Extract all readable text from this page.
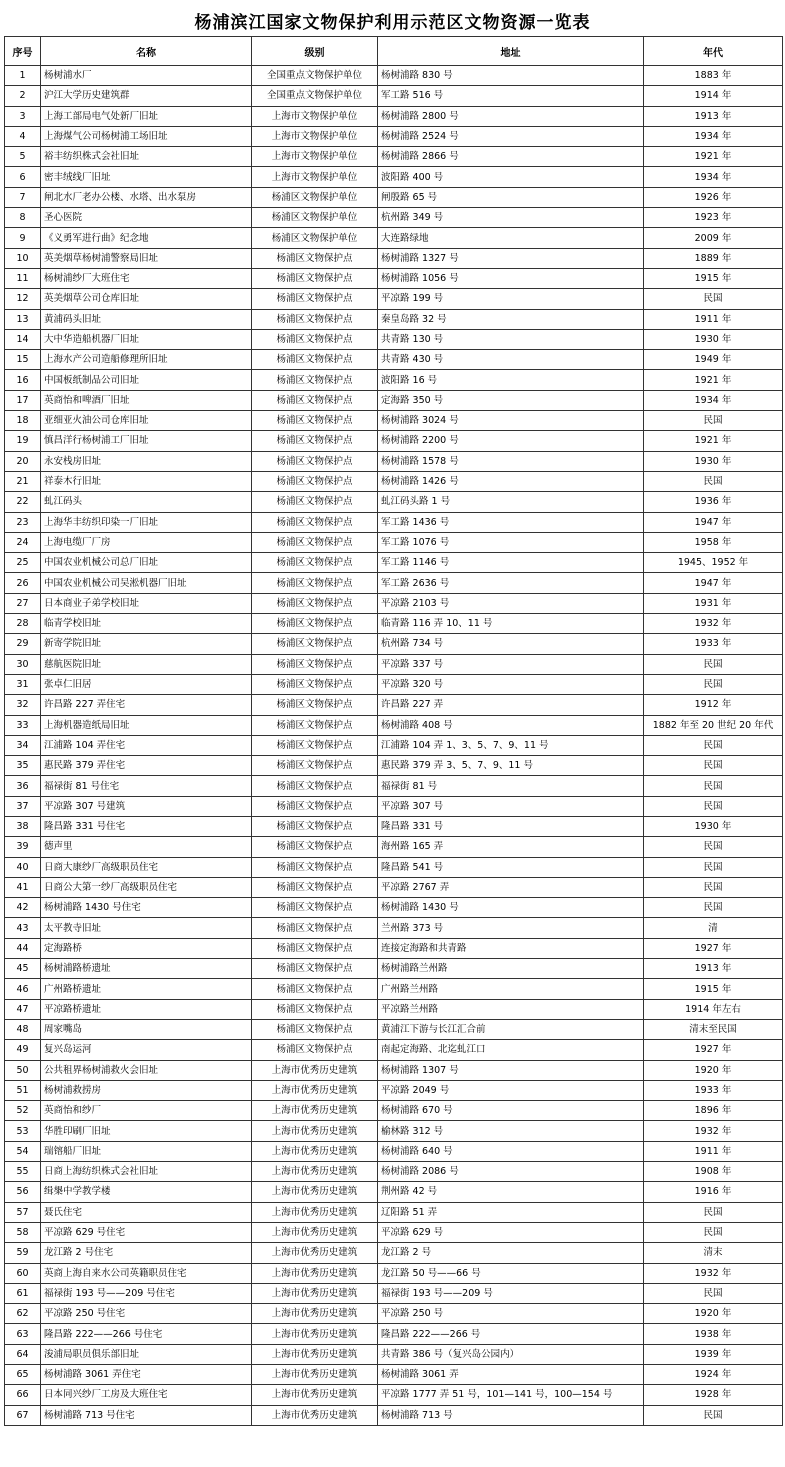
杨浦滨江国家文物保护利用示范区文物资源一览表
序号	名称	级别	地址	年代
1	杨树浦水厂	全国重点文物保护单位	杨树浦路 830 号	1883 年
2	沪江大学历史建筑群	全国重点文物保护单位	军工路 516 号	1914 年
3	上海工部局电气处新厂旧址	上海市文物保护单位	杨树浦路 2800 号	1913 年
4	上海煤气公司杨树浦工场旧址	上海市文物保护单位	杨树浦路 2524 号	1934 年
5	裕丰纺织株式会社旧址	上海市文物保护单位	杨树浦路 2866 号	1921 年
6	密丰绒线厂旧址	上海市文物保护单位	波阳路 400 号	1934 年
7	闸北水厂老办公楼、水塔、出水泵房	杨浦区文物保护单位	闸殷路 65 号	1926 年
8	圣心医院	杨浦区文物保护单位	杭州路 349 号	1923 年
9	《义勇军进行曲》纪念地	杨浦区文物保护单位	大连路绿地	2009 年
10	英美烟草杨树浦警察局旧址	杨浦区文物保护点	杨树浦路 1327 号	1889 年
11	杨树浦纱厂大班住宅	杨浦区文物保护点	杨树浦路 1056 号	1915 年
12	英美烟草公司仓库旧址	杨浦区文物保护点	平凉路 199 号	民国
13	黄浦码头旧址	杨浦区文物保护点	秦皇岛路 32 号	1911 年
14	大中华造船机器厂旧址	杨浦区文物保护点	共青路 130 号	1930 年
15	上海水产公司造船修理所旧址	杨浦区文物保护点	共青路 430 号	1949 年
16	中国板纸制品公司旧址	杨浦区文物保护点	波阳路 16 号	1921 年
17	英商怡和啤酒厂旧址	杨浦区文物保护点	定海路 350 号	1934 年
18	亚细亚火油公司仓库旧址	杨浦区文物保护点	杨树浦路 3024 号	民国
19	慎昌洋行杨树浦工厂旧址	杨浦区文物保护点	杨树浦路 2200 号	1921 年
20	永安栈房旧址	杨浦区文物保护点	杨树浦路 1578 号	1930 年
21	祥泰木行旧址	杨浦区文物保护点	杨树浦路 1426 号	民国
22	虬江码头	杨浦区文物保护点	虬江码头路 1 号	1936 年
23	上海华丰纺织印染一厂旧址	杨浦区文物保护点	军工路 1436 号	1947 年
24	上海电缆厂厂房	杨浦区文物保护点	军工路 1076 号	1958 年
25	中国农业机械公司总厂旧址	杨浦区文物保护点	军工路 1146 号	1945、1952 年
26	中国农业机械公司吴淞机器厂旧址	杨浦区文物保护点	军工路 2636 号	1947 年
27	日本商业子弟学校旧址	杨浦区文物保护点	平凉路 2103 号	1931 年
28	临青学校旧址	杨浦区文物保护点	临青路 116 弄 10、11 号	1932 年
29	新寄学院旧址	杨浦区文物保护点	杭州路 734 号	1933 年
30	慈航医院旧址	杨浦区文物保护点	平凉路 337 号	民国
31	张卓仁旧居	杨浦区文物保护点	平凉路 320 号	民国
32	许昌路 227 弄住宅	杨浦区文物保护点	许昌路 227 弄	1912 年
33	上海机器造纸局旧址	杨浦区文物保护点	杨树浦路 408 号	1882 年至 20 世纪 20 年代
34	江浦路 104 弄住宅	杨浦区文物保护点	江浦路 104 弄 1、3、5、7、9、11 号	民国
35	惠民路 379 弄住宅	杨浦区文物保护点	惠民路 379 弄 3、5、7、9、11 号	民国
36	福禄街 81 号住宅	杨浦区文物保护点	福禄街 81 号	民国
37	平凉路 307 号建筑	杨浦区文物保护点	平凉路 307 号	民国
38	隆昌路 331 号住宅	杨浦区文物保护点	隆昌路 331 号	1930 年
39	德声里	杨浦区文物保护点	海州路 165 弄	民国
40	日商大康纱厂高级职员住宅	杨浦区文物保护点	隆昌路 541 号	民国
41	日商公大第一纱厂高级职员住宅	杨浦区文物保护点	平凉路 2767 弄	民国
42	杨树浦路 1430 号住宅	杨浦区文物保护点	杨树浦路 1430 号	民国
43	太平教寺旧址	杨浦区文物保护点	兰州路 373 号	清
44	定海路桥	杨浦区文物保护点	连接定海路和共青路	1927 年
45	杨树浦路桥遗址	杨浦区文物保护点	杨树浦路兰州路	1913 年
46	广州路桥遗址	杨浦区文物保护点	广州路兰州路	1915 年
47	平凉路桥遗址	杨浦区文物保护点	平凉路兰州路	1914 年左右
48	周家嘴岛	杨浦区文物保护点	黄浦江下游与长江汇合前	清末至民国
49	复兴岛运河	杨浦区文物保护点	南起定海路、北迄虬江口	1927 年
50	公共租界杨树浦救火会旧址	上海市优秀历史建筑	杨树浦路 1307 号	1920 年
51	杨树浦救捞房	上海市优秀历史建筑	平凉路 2049 号	1933 年
52	英商怡和纱厂	上海市优秀历史建筑	杨树浦路 670 号	1896 年
53	华胜印刷厂旧址	上海市优秀历史建筑	榆林路 312 号	1932 年
54	瑞镕船厂旧址	上海市优秀历史建筑	杨树浦路 640 号	1911 年
55	日商上海纺织株式会社旧址	上海市优秀历史建筑	杨树浦路 2086 号	1908 年
56	缉槼中学教学楼	上海市优秀历史建筑	荆州路 42 号	1916 年
57	聂氏住宅	上海市优秀历史建筑	辽阳路 51 弄	民国
58	平凉路 629 号住宅	上海市优秀历史建筑	平凉路 629 号	民国
59	龙江路 2 号住宅	上海市优秀历史建筑	龙江路 2 号	清末
60	英商上海自来水公司英籍职员住宅	上海市优秀历史建筑	龙江路 50 号——66 号	1932 年
61	福禄街 193 号——209 号住宅	上海市优秀历史建筑	福禄街 193 号——209 号	民国
62	平凉路 250 号住宅	上海市优秀历史建筑	平凉路 250 号	1920 年
63	隆昌路 222——266 号住宅	上海市优秀历史建筑	隆昌路 222——266 号	1938 年
64	浚浦局职员俱乐部旧址	上海市优秀历史建筑	共青路 386 号（复兴岛公园内）	1939 年
65	杨树浦路 3061 弄住宅	上海市优秀历史建筑	杨树浦路 3061 弄	1924 年
66	日本同兴纱厂工房及大班住宅	上海市优秀历史建筑	平凉路 1777 弄 51 号，101—141 号，100—154 号	1928 年
67	杨树浦路 713 号住宅	上海市优秀历史建筑	杨树浦路 713 号	民国
